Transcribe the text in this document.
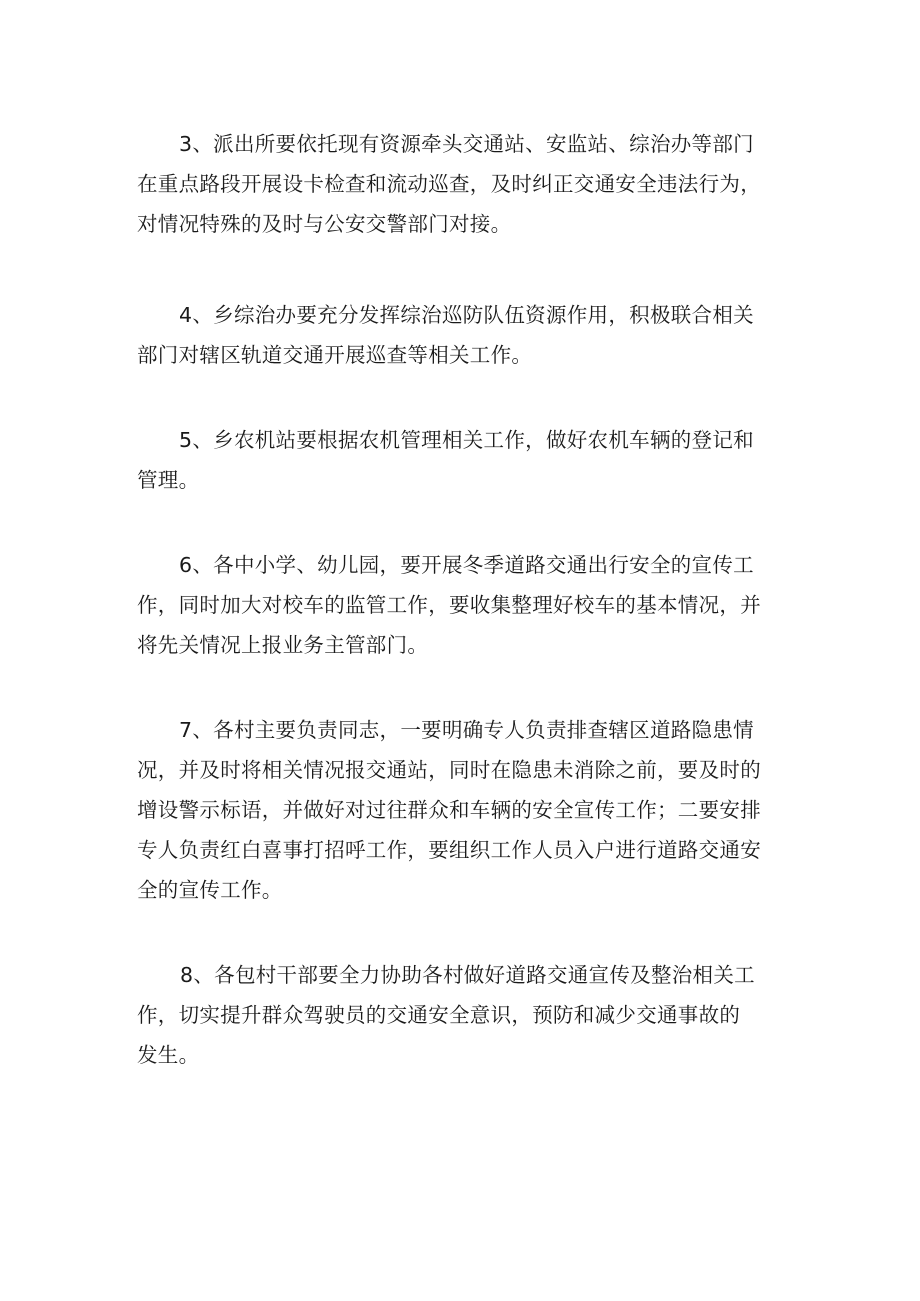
3、派出所要依托现有资源牵头交通站、安监站、综治办等部门
在重点路段开展设卡检查和流动巡查，及时纠正交通安全违法行为，
对情况特殊的及时与公安交警部门对接。
4、乡综治办要充分发挥综治巡防队伍资源作用，积极联合相关
部门对辖区轨道交通开展巡查等相关工作。
5、乡农机站要根据农机管理相关工作，做好农机车辆的登记和
管理。
6、各中小学、幼儿园，要开展冬季道路交通出行安全的宣传工
作，同时加大对校车的监管工作，要收集整理好校车的基本情况，并
将先关情况上报业务主管部门。
7、各村主要负责同志，一要明确专人负责排查辖区道路隐患情
况，并及时将相关情况报交通站，同时在隐患未消除之前，要及时的
增设警示标语，并做好对过往群众和车辆的安全宣传工作；二要安排
专人负责红白喜事打招呼工作，要组织工作人员入户进行道路交通安
全的宣传工作。
8、各包村干部要全力协助各村做好道路交通宣传及整治相关工
作，切实提升群众驾驶员的交通安全意识，预防和减少交通事故的
发生。
